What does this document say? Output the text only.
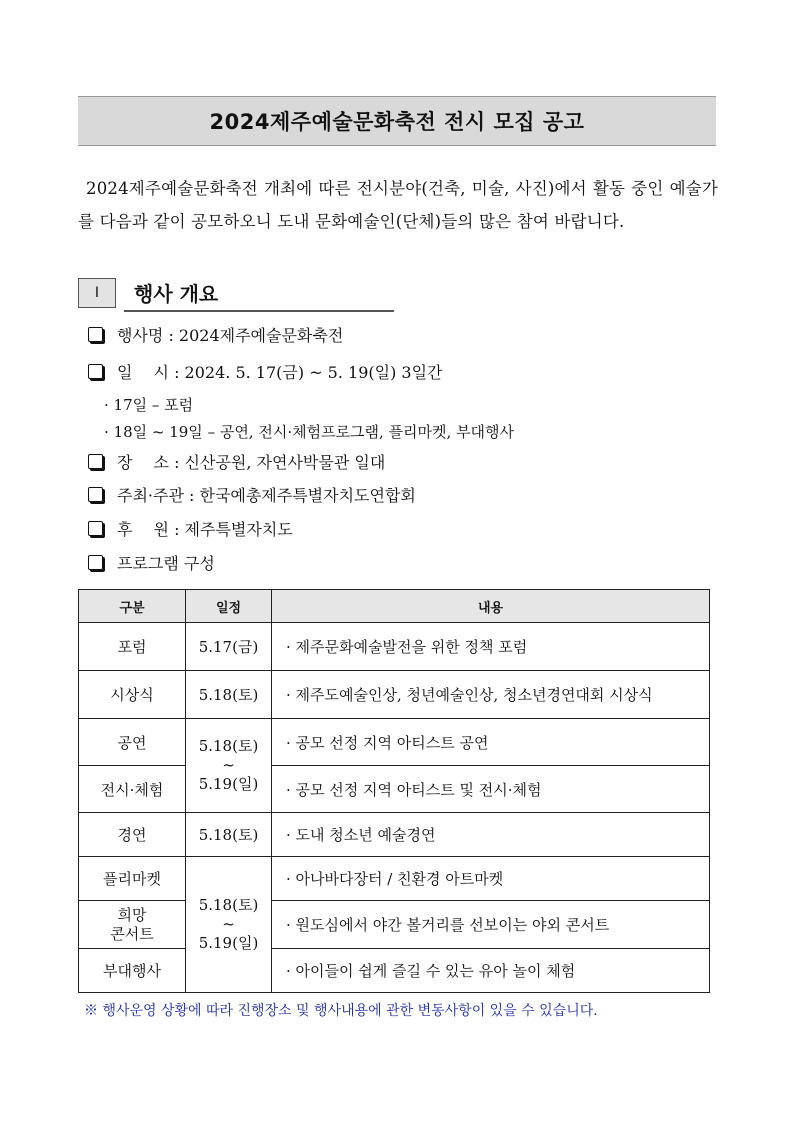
2024제주예술문화축전 전시 모집 공고
2024제주예술문화축전 개최에 따른 전시분야(건축, 미술, 사진)에서 활동 중인 예술가를 다음과 같이 공모하오니 도내 문화예술인(단체)들의 많은 참여 바랍니다.
Ⅰ	행사 개요
행사명 : 2024제주예술문화축전
일　 시 : 2024. 5. 17(금) ~ 5. 19(일) 3일간
· 17일 – 포럼
· 18일 ~ 19일 – 공연, 전시·체험프로그램, 플리마켓, 부대행사
장　 소 : 신산공원, 자연사박물관 일대
주최·주관 : 한국예총제주특별자치도연합회
후　 원 : 제주특별자치도
프로그램 구성
구분	일정	내용
포럼	5.17(금)	· 제주문화예술발전을 위한 정책 포럼
시상식	5.18(토)	· 제주도예술인상, 청년예술인상, 청소년경연대회 시상식
공연	5.18(토)
~
5.19(일)	· 공모 선정 지역 아티스트 공연
전시·체험		· 공모 선정 지역 아티스트 및 전시·체험
경연	5.18(토)	· 도내 청소년 예술경연
플리마켓	5.18(토)
~
5.19(일)	· 아나바다장터 / 친환경 아트마켓
희망
콘서트		· 원도심에서 야간 볼거리를 선보이는 야외 콘서트
부대행사		· 아이들이 쉽게 즐길 수 있는 유아 놀이 체험
※ 행사운영 상황에 따라 진행장소 및 행사내용에 관한 변동사항이 있을 수 있습니다.
